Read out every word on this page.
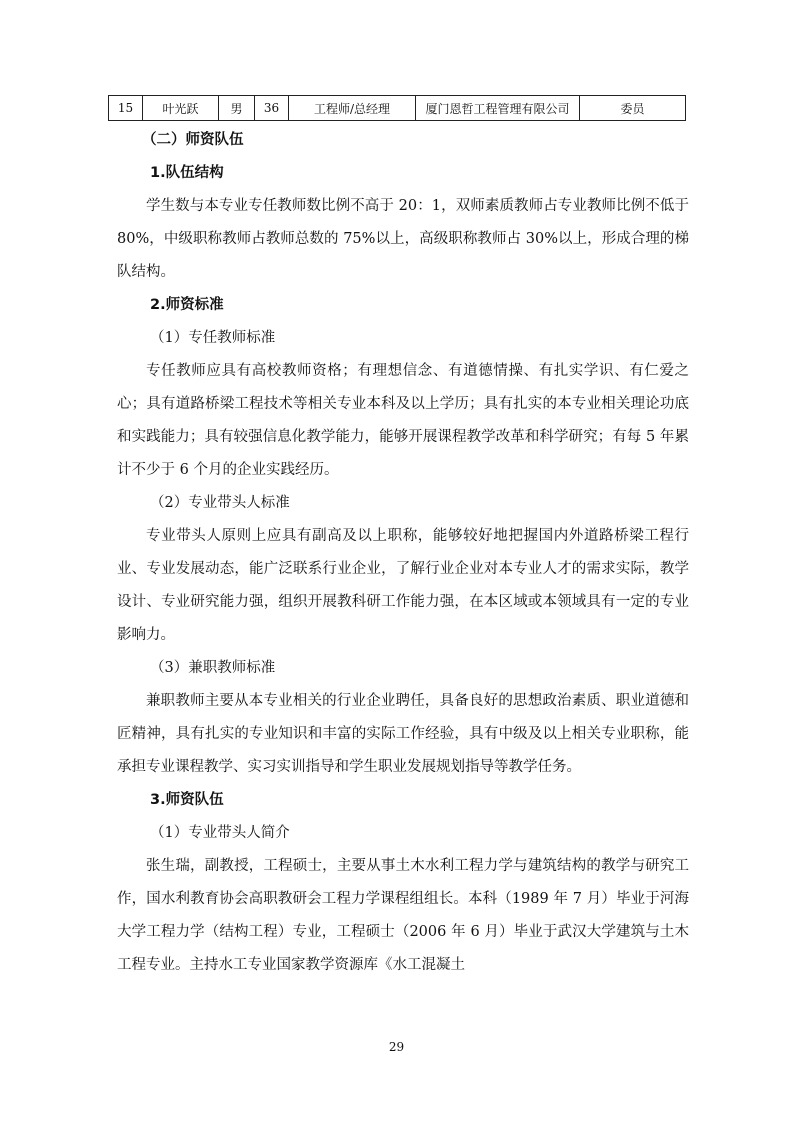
15	叶光跃	男	36	工程师/总经理	厦门恩哲工程管理有限公司	委员
（二）师资队伍
1.队伍结构

学生数与本专业专任教师数比例不高于 20：1，双师素质教师占专业教师比例不低于 80%，中级职称教师占教师总数的 75%以上，高级职称教师占 30%以上，形成合理的梯队结构。

2.师资标准
（1）专任教师标准

专任教师应具有高校教师资格；有理想信念、有道德情操、有扎实学识、有仁爱之心；具有道路桥梁工程技术等相关专业本科及以上学历；具有扎实的本专业相关理论功底和实践能力；具有较强信息化教学能力，能够开展课程教学改革和科学研究；有每 5 年累计不少于 6 个月的企业实践经历。

（2）专业带头人标准

专业带头人原则上应具有副高及以上职称，能够较好地把握国内外道路桥梁工程行业、专业发展动态，能广泛联系行业企业，了解行业企业对本专业人才的需求实际，教学设计、专业研究能力强，组织开展教科研工作能力强，在本区域或本领域具有一定的专业影响力。

（3）兼职教师标准

兼职教师主要从本专业相关的行业企业聘任，具备良好的思想政治素质、职业道德和　匠精神，具有扎实的专业知识和丰富的实际工作经验，具有中级及以上相关专业职称，能承担专业课程教学、实习实训指导和学生职业发展规划指导等教学任务。

3.师资队伍
（1）专业带头人简介

张生瑞，副教授，工程硕士，主要从事土木水利工程力学与建筑结构的教学与研究工作，国水利教育协会高职教研会工程力学课程组组长。本科（1989 年 7 月）毕业于河海大学工程力学（结构工程）专业，工程硕士（2006 年 6 月）毕业于武汉大学建筑与土木工程专业。主持水工专业国家教学资源库《水工混凝土

29
